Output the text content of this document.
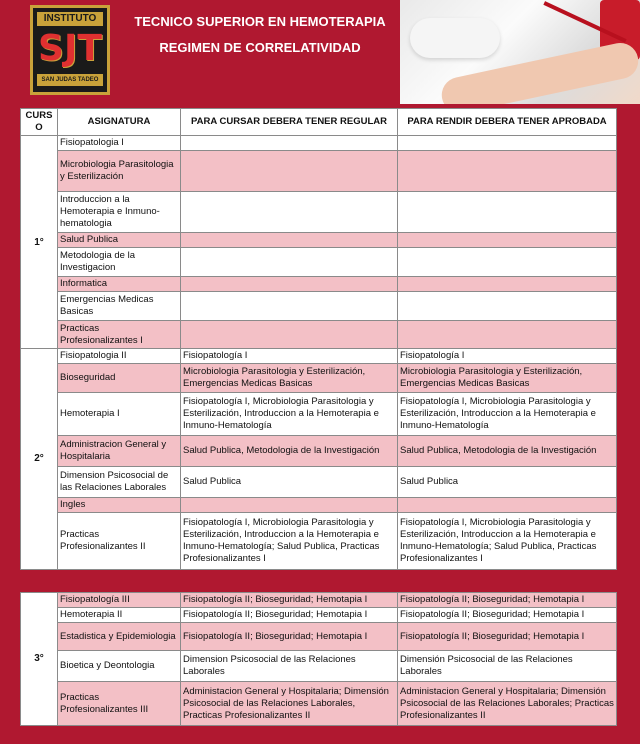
INSTITUTO
SJT
SAN JUDAS TADEO
TECNICO SUPERIOR EN HEMOTERAPIA
REGIMEN DE CORRELATIVIDAD
CURSO	ASIGNATURA	PARA CURSAR DEBERA TENER REGULAR	PARA RENDIR DEBERA TENER APROBADA
1°	Fisiopatologia I		
	Microbiologia Parasitologia y Esterilización		
	Introduccion a la Hemoterapia e Inmuno-hematologia		
	Salud Publica		
	Metodologia de la Investigacion		
	Informatica		
	Emergencias Medicas Basicas		
	Practicas Profesionalizantes I		
2°	Fisiopatologia II	Fisiopatología I	Fisiopatología I
	Bioseguridad	Microbiologia Parasitologia y Esterilización, Emergencias Medicas Basicas	Microbiologia Parasitologia y Esterilización, Emergencias Medicas Basicas
	Hemoterapia I	Fisiopatología I, Microbiologia Parasitologia y Esterilización, Introduccion a la Hemoterapia e Inmuno-Hematología	Fisiopatología I, Microbiologia Parasitologia y Esterilización, Introduccion a la Hemoterapia e Inmuno-Hematología
	Administracion General y Hospitalaria	Salud Publica, Metodologia de la Investigación	Salud Publica, Metodologia de la Investigación
	Dimension Psicosocial de las Relaciones Laborales	Salud Publica	Salud Publica
	Ingles		
	Practicas Profesionalizantes II	Fisiopatología I, Microbiologia Parasitologia y Esterilización, Introduccion a la Hemoterapia e Inmuno-Hematología; Salud Publica, Practicas Profesionalizantes I	Fisiopatología I, Microbiologia Parasitologia y Esterilización, Introduccion a la Hemoterapia e Inmuno-Hematología; Salud Publica, Practicas Profesionalizantes I
3°	Fisiopatología III	Fisiopatología II; Bioseguridad; Hemotapia I	Fisiopatología II; Bioseguridad; Hemotapia I
	Hemoterapia II	Fisiopatología II; Bioseguridad; Hemotapia I	Fisiopatología II; Bioseguridad; Hemotapia I
	Estadistica y Epidemiologia	Fisiopatología II; Bioseguridad; Hemotapia I	Fisiopatología II; Bioseguridad; Hemotapia I
	Bioetica y Deontologia	Dimension Psicosocial de las Relaciones Laborales	Dimensión Psicosocial de las Relaciones Laborales
	Practicas Profesionalizantes III	Administacion General y Hospitalaria; Dimensión Psicosocial de las Relaciones Laborales, Practicas Profesionalizantes II	Administacion General y Hospitalaria; Dimensión Psicosocial de las Relaciones Laborales; Practicas Profesionalizantes II
